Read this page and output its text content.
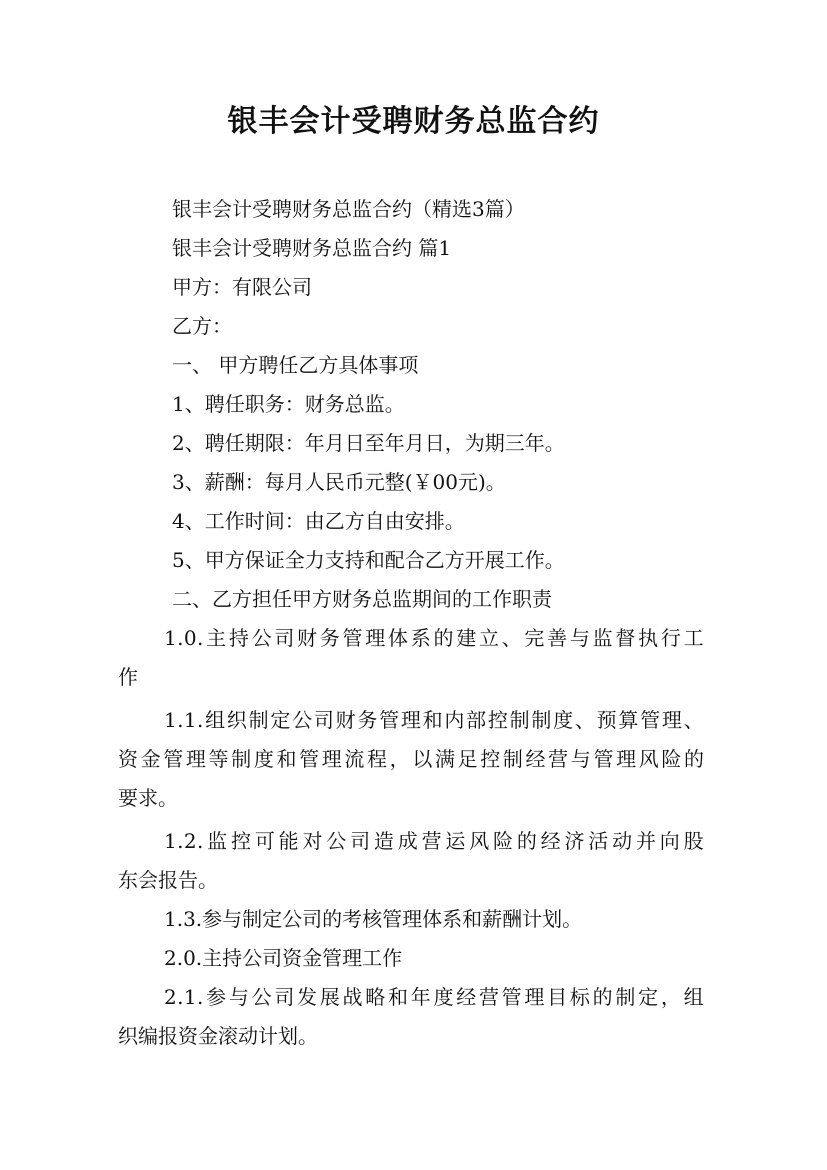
银丰会计受聘财务总监合约

银丰会计受聘财务总监合约（精选3篇）

银丰会计受聘财务总监合约 篇1

甲方：有限公司

乙方：

一、 甲方聘任乙方具体事项

1、聘任职务：财务总监。

2、聘任期限：年月日至年月日，为期三年。

3、薪酬：每月人民币元整(￥00元)。

4、工作时间：由乙方自由安排。

5、甲方保证全力支持和配合乙方开展工作。

二、乙方担任甲方财务总监期间的工作职责

1.0.主持公司财务管理体系的建立、完善与监督执行工
作

1.1.组织制定公司财务管理和内部控制制度、预算管理、
资金管理等制度和管理流程，以满足控制经营与管理风险的
要求。

1.2.监控可能对公司造成营运风险的经济活动并向股
东会报告。

1.3.参与制定公司的考核管理体系和薪酬计划。

2.0.主持公司资金管理工作

2.1.参与公司发展战略和年度经营管理目标的制定，组
织编报资金滚动计划。
